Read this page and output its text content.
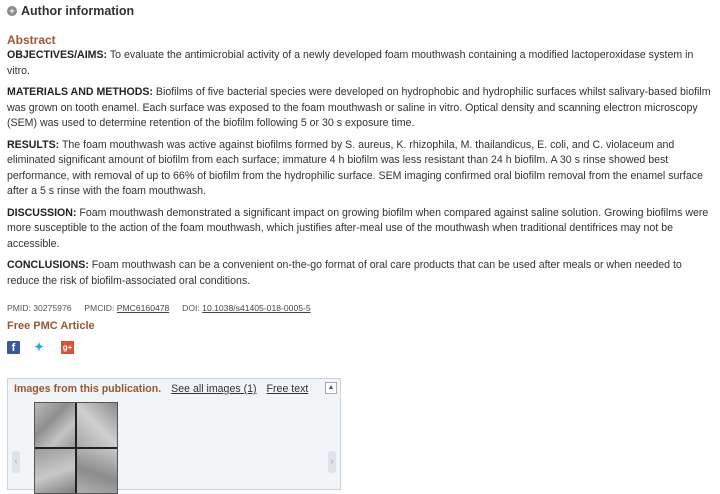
+ Author information
Abstract

OBJECTIVES/AIMS: To evaluate the antimicrobial activity of a newly developed foam mouthwash containing a modified lactoperoxidase system in vitro.

MATERIALS AND METHODS: Biofilms of five bacterial species were developed on hydrophobic and hydrophilic surfaces whilst salivary-based biofilm was grown on tooth enamel. Each surface was exposed to the foam mouthwash or saline in vitro. Optical density and scanning electron microscopy (SEM) was used to determine retention of the biofilm following 5 or 30 s exposure time.

RESULTS: The foam mouthwash was active against biofilms formed by S. aureus, K. rhizophila, M. thailandicus, E. coli, and C. violaceum and eliminated significant amount of biofilm from each surface; immature 4 h biofilm was less resistant than 24 h biofilm. A 30 s rinse showed best performance, with removal of up to 66% of biofilm from the hydrophilic surface. SEM imaging confirmed oral biofilm removal from the enamel surface after a 5 s rinse with the foam mouthwash.

DISCUSSION: Foam mouthwash demonstrated a significant impact on growing biofilm when compared against saline solution. Growing biofilms were more susceptible to the action of the foam mouthwash, which justifies after-meal use of the mouthwash when traditional dentifrices may not be accessible.

CONCLUSIONS: Foam mouthwash can be a convenient on-the-go format of oral care products that can be used after meals or when needed to reduce the risk of biofilm-associated oral conditions.

PMID: 30275976 PMCID: PMC6160478 DOI: 10.1038/s41405-018-0005-5
Free PMC Article
f	✦	g+
Images from this publication. See all images (1) Free text	▲
‹	›
